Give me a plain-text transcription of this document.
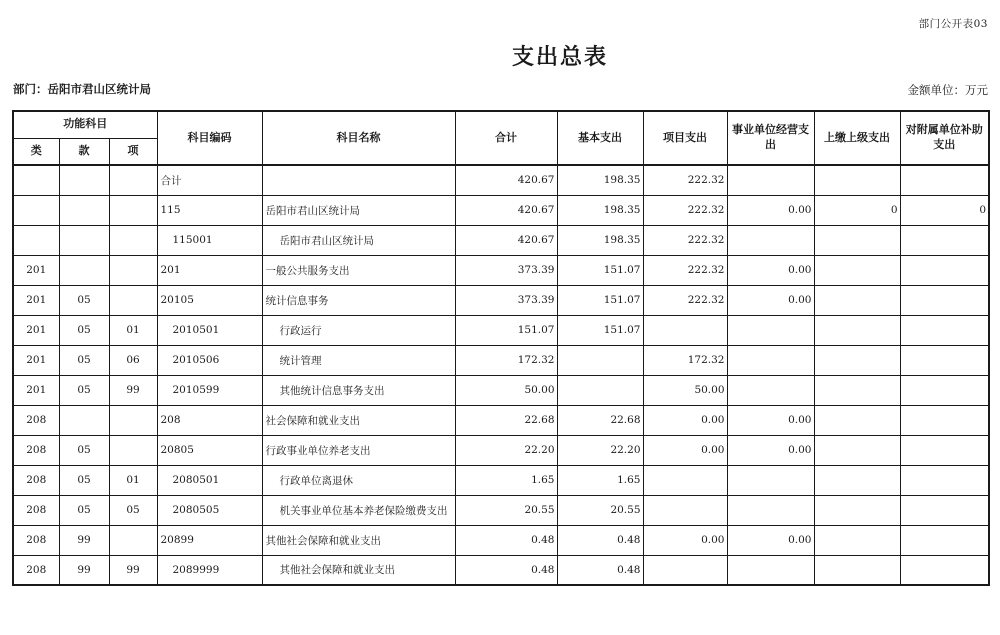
部门公开表03
支出总表
部门：岳阳市君山区统计局	金额单位：万元
功能科目			科目编码	科目名称	合计	基本支出	项目支出	事业单位经营支出	上缴上级支出	对附属单位补助支出
类	款	项								
			合计		420.67	198.35	222.32			
			115	岳阳市君山区统计局	420.67	198.35	222.32	0.00	0	0
			115001	岳阳市君山区统计局	420.67	198.35	222.32			
201			201	一般公共服务支出	373.39	151.07	222.32	0.00		
201	05		20105	统计信息事务	373.39	151.07	222.32	0.00		
201	05	01	2010501	行政运行	151.07	151.07				
201	05	06	2010506	统计管理	172.32		172.32			
201	05	99	2010599	其他统计信息事务支出	50.00		50.00			
208			208	社会保障和就业支出	22.68	22.68	0.00	0.00		
208	05		20805	行政事业单位养老支出	22.20	22.20	0.00	0.00		
208	05	01	2080501	行政单位离退休	1.65	1.65				
208	05	05	2080505	机关事业单位基本养老保险缴费支出	20.55	20.55				
208	99		20899	其他社会保障和就业支出	0.48	0.48	0.00	0.00		
208	99	99	2089999	其他社会保障和就业支出	0.48	0.48				
